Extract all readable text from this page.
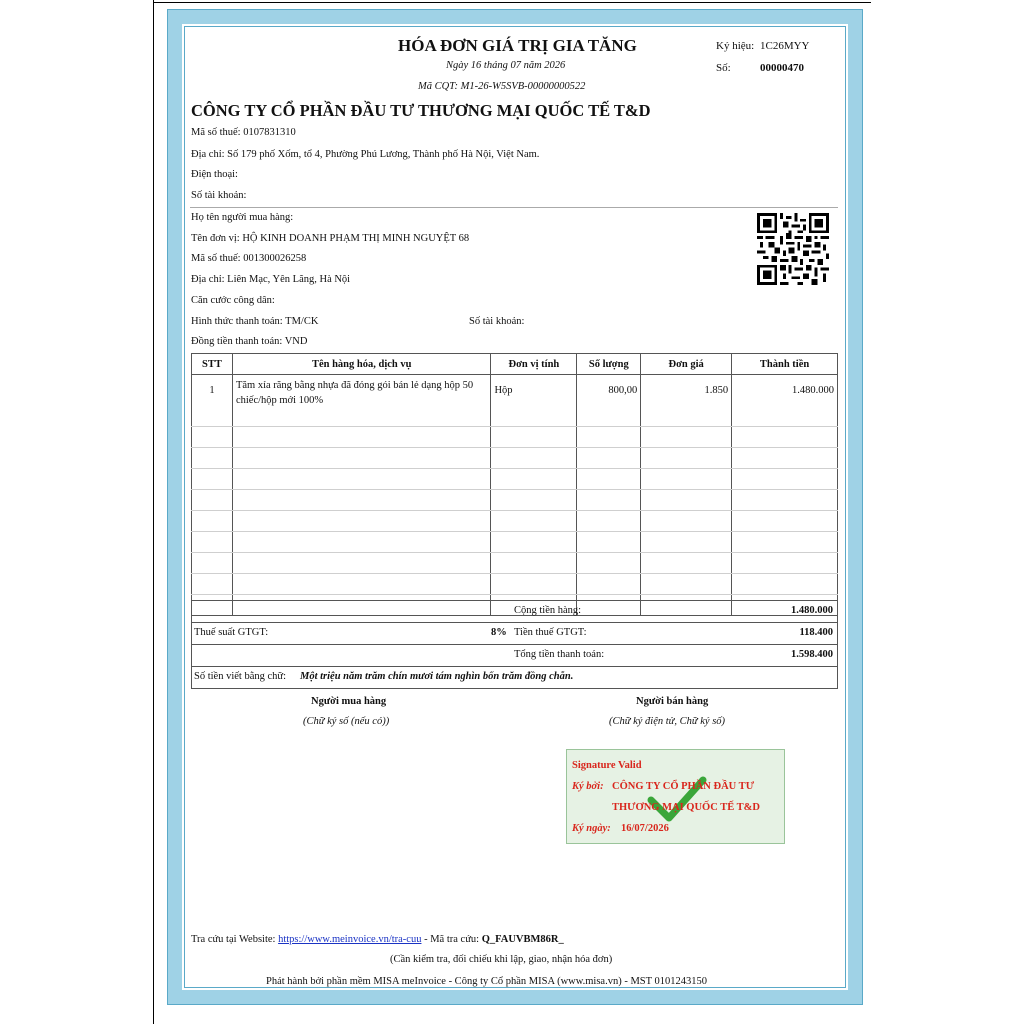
HÓA ĐƠN GIÁ TRỊ GIA TĂNG
Ngày 16 tháng 07 năm 2026
Mã CQT: M1-26-W5SVB-00000000522
Ký hiệu: 1C26MYY
Số:	00000470
CÔNG TY CỔ PHẦN ĐẦU TƯ THƯƠNG MẠI QUỐC TẾ T&D
Mã số thuế: 0107831310
Địa chỉ: Số 179 phố Xốm, tổ 4, Phường Phú Lương, Thành phố Hà Nội, Việt Nam.
Điện thoại:
Số tài khoản:
Họ tên người mua hàng:
Tên đơn vị: HỘ KINH DOANH PHẠM THỊ MINH NGUYỆT 68
Mã số thuế: 001300026258
Địa chỉ: Liên Mạc, Yên Lãng, Hà Nội
Căn cước công dân:
Hình thức thanh toán: TM/CK	Số tài khoản:
Đồng tiền thanh toán: VND
STT	Tên hàng hóa, dịch vụ	Đơn vị tính	Số lượng	Đơn giá	Thành tiền
1	Tăm xỉa răng bằng nhựa đã đóng gói bán lẻ dạng hộp 50 chiếc/hộp mới 100%	Hộp	800,00	1.850	1.480.000

Cộng tiền hàng:	1.480.000
Thuế suất GTGT:	8% Tiền thuế GTGT:	118.400
Tổng tiền thanh toán:	1.598.400
Số tiền viết bằng chữ: Một triệu năm trăm chín mươi tám nghìn bốn trăm đồng chẵn.
Người mua hàng
(Chữ ký số (nếu có))
Người bán hàng
(Chữ ký điện tử, Chữ ký số)
Signature Valid
Ký bởi: CÔNG TY CỔ PHẦN ĐẦU TƯ
THƯƠNG MẠI QUỐC TẾ T&D
Ký ngày: 16/07/2026
Tra cứu tại Website: https://www.meinvoice.vn/tra-cuu - Mã tra cứu: Q_FAUVBM86R_
(Cần kiểm tra, đối chiếu khi lập, giao, nhận hóa đơn)
Phát hành bởi phần mềm MISA meInvoice - Công ty Cổ phần MISA (www.misa.vn) - MST 0101243150
